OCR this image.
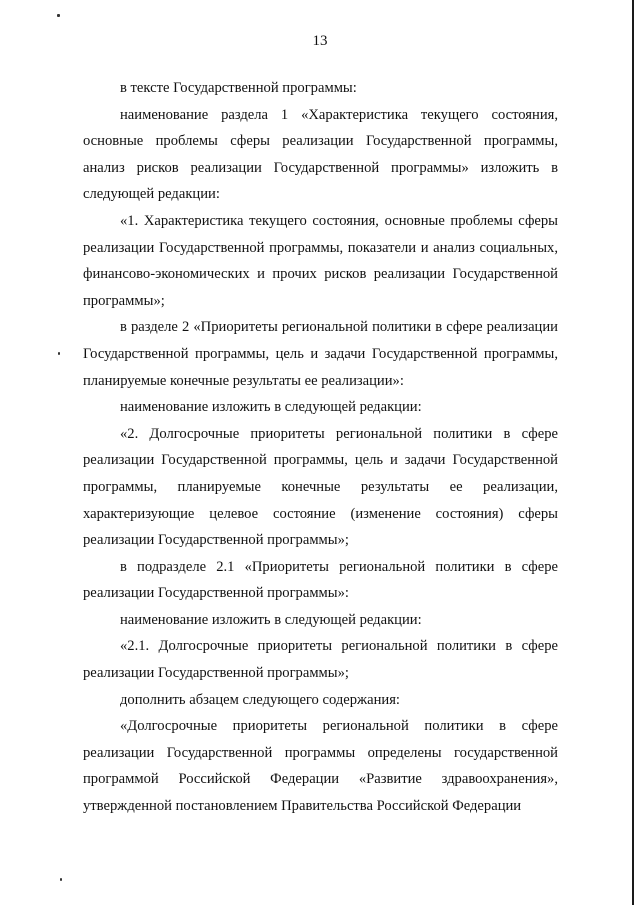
13

в тексте Государственной программы:

наименование раздела 1 «Характеристика текущего состояния, основные проблемы сферы реализации Государственной программы, анализ рисков реализации Государственной программы» изложить в следующей редакции:

«1. Характеристика текущего состояния, основные проблемы сферы реализации Государственной программы, показатели и анализ социальных, финансово-экономических и прочих рисков реализации Государственной программы»;

в разделе 2 «Приоритеты региональной политики в сфере реализации Государственной программы, цель и задачи Государственной программы, планируемые конечные результаты ее реализации»:

наименование изложить в следующей редакции:

«2. Долгосрочные приоритеты региональной политики в сфере реализации Государственной программы, цель и задачи Государственной программы, планируемые конечные результаты ее реализации, характеризующие целевое состояние (изменение состояния) сферы реализации Государственной программы»;

в подразделе 2.1 «Приоритеты региональной политики в сфере реализации Государственной программы»:

наименование изложить в следующей редакции:

«2.1. Долгосрочные приоритеты региональной политики в сфере реализации Государственной программы»;

дополнить абзацем следующего содержания:

«Долгосрочные приоритеты региональной политики в сфере реализации Государственной программы определены государственной программой Российской Федерации «Развитие здравоохранения», утвержденной постановлением Правительства Российской Федерации
